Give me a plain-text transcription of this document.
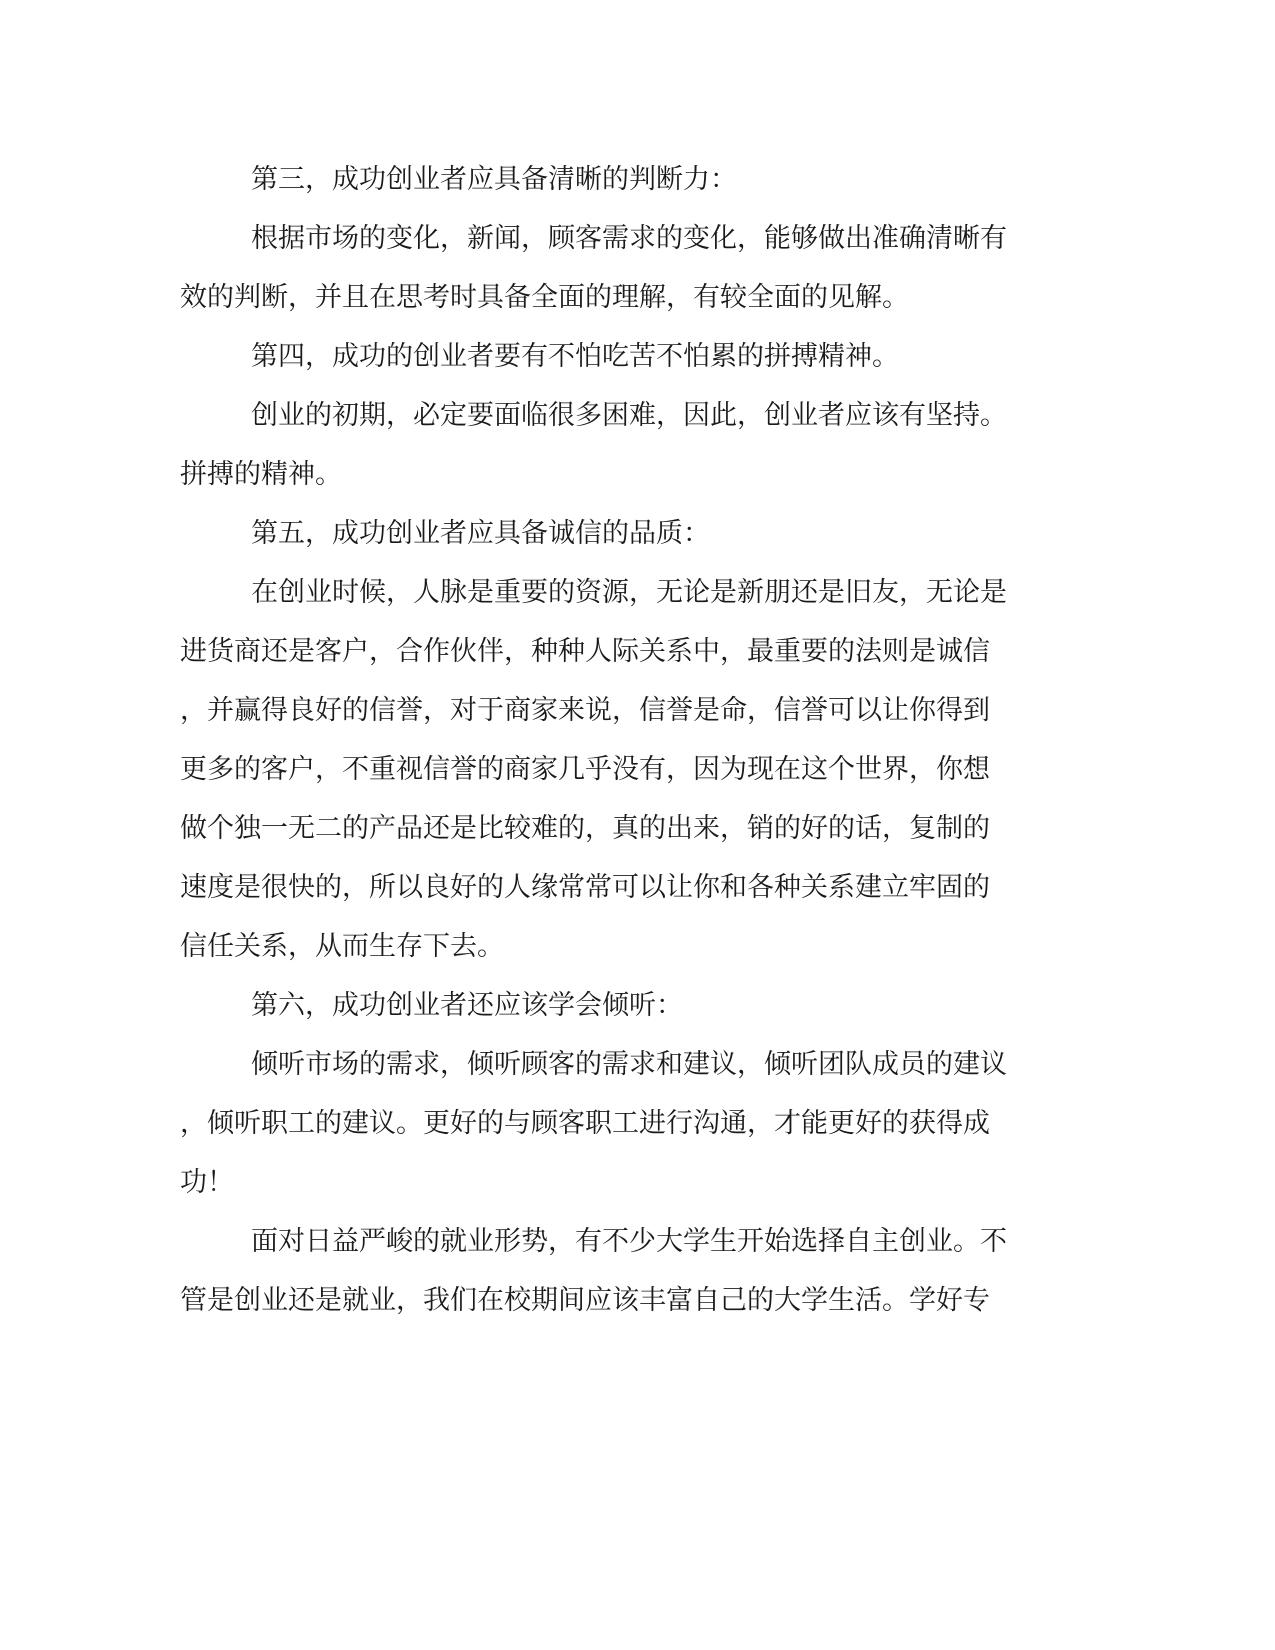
第三，成功创业者应具备清晰的判断力：

根据市场的变化，新闻，顾客需求的变化，能够做出准确清晰有

效的判断，并且在思考时具备全面的理解，有较全面的见解。

第四，成功的创业者要有不怕吃苦不怕累的拼搏精神。

创业的初期，必定要面临很多困难，因此，创业者应该有坚持。

拼搏的精神。

第五，成功创业者应具备诚信的品质：

在创业时候，人脉是重要的资源，无论是新朋还是旧友，无论是

进货商还是客户，合作伙伴，种种人际关系中，最重要的法则是诚信

，并赢得良好的信誉，对于商家来说，信誉是命，信誉可以让你得到

更多的客户，不重视信誉的商家几乎没有，因为现在这个世界，你想

做个独一无二的产品还是比较难的，真的出来，销的好的话，复制的

速度是很快的，所以良好的人缘常常可以让你和各种关系建立牢固的

信任关系，从而生存下去。

第六，成功创业者还应该学会倾听：

倾听市场的需求，倾听顾客的需求和建议，倾听团队成员的建议

，倾听职工的建议。更好的与顾客职工进行沟通，才能更好的获得成

功！

面对日益严峻的就业形势，有不少大学生开始选择自主创业。不

管是创业还是就业，我们在校期间应该丰富自己的大学生活。学好专
